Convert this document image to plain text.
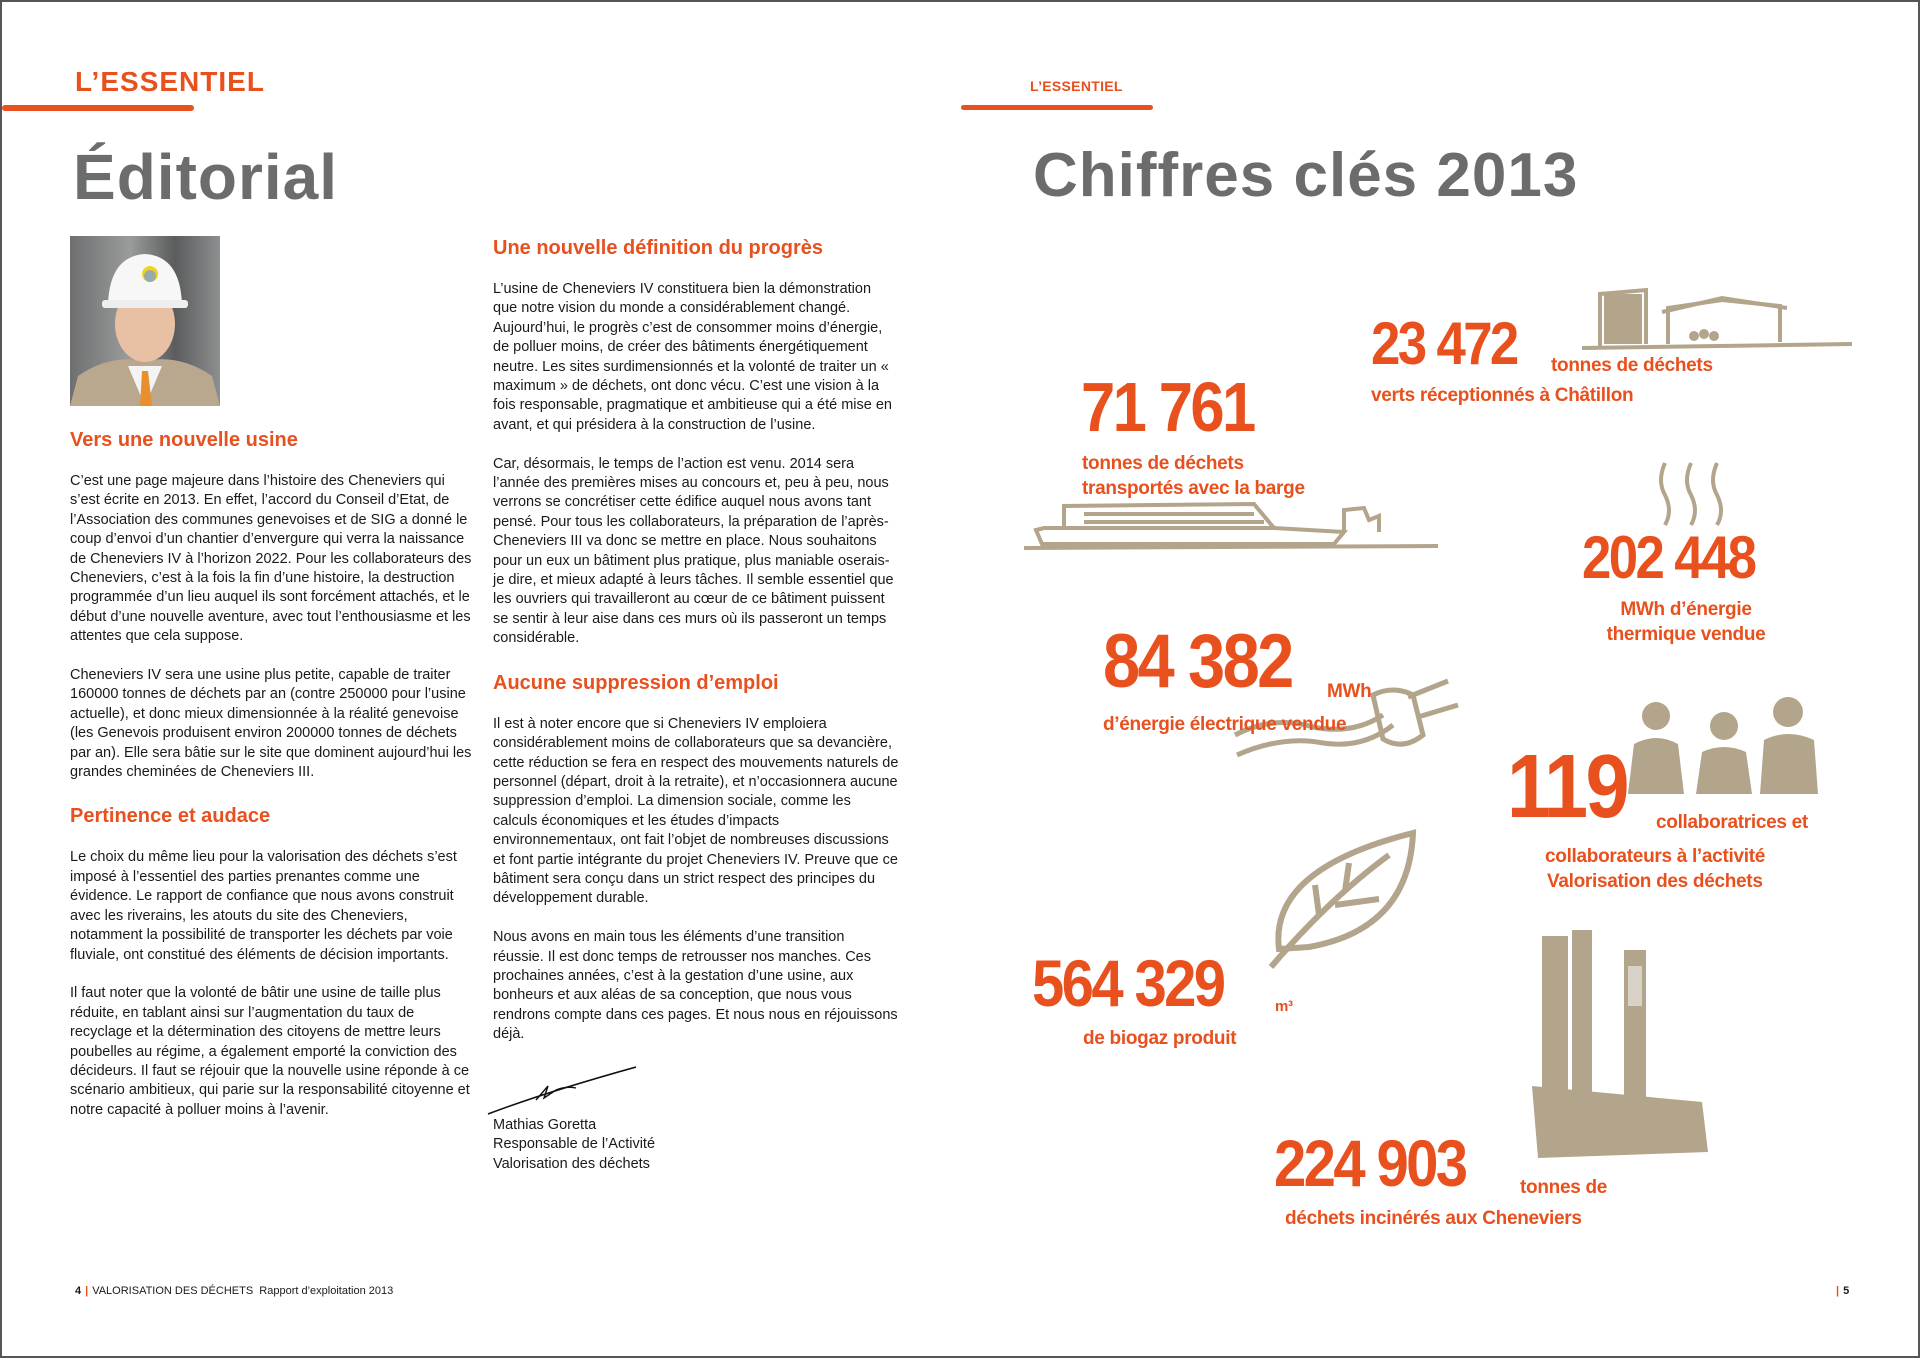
L’ESSENTIEL
Éditorial
Vers une nouvelle usine

C’est une page majeure dans l’histoire des Cheneviers qui s’est écrite en 2013. En effet, l’accord du Conseil d’Etat, de l’Association des communes genevoises et de SIG a donné le coup d’envoi d’un chantier d’envergure qui verra la naissance de Cheneviers IV à l’horizon 2022. Pour les collaborateurs des Cheneviers, c’est à la fois la fin d’une histoire, la destruction programmée d’un lieu auquel ils sont forcément attachés, et le début d’une nouvelle aventure, avec tout l’enthousiasme et les attentes que cela suppose.

Cheneviers IV sera une usine plus petite, capable de traiter 160000 tonnes de déchets par an (contre 250000 pour l’usine actuelle), et donc mieux dimensionnée à la réalité genevoise (les Genevois produisent environ 200000 tonnes de déchets par an). Elle sera bâtie sur le site que dominent aujourd’hui les grandes cheminées de Cheneviers III.

Pertinence et audace

Le choix du même lieu pour la valorisation des déchets s’est imposé à l’essentiel des parties prenantes comme une évidence. Le rapport de confiance que nous avons construit avec les riverains, les atouts du site des Cheneviers, notamment la possibilité de transporter les déchets par voie fluviale, ont constitué des éléments de décision importants.

Il faut noter que la volonté de bâtir une usine de taille plus réduite, en tablant ainsi sur l’augmentation du taux de recyclage et la détermination des citoyens de mettre leurs poubelles au régime, a également emporté la conviction des décideurs. Il faut se réjouir que la nouvelle usine réponde à ce scénario ambitieux, qui parie sur la responsabilité citoyenne et notre capacité à polluer moins à l’avenir.

Une nouvelle définition du progrès

L’usine de Cheneviers IV constituera bien la démonstration que notre vision du monde a considérablement changé. Aujourd’hui, le progrès c’est de consommer moins d’énergie, de polluer moins, de créer des bâtiments énergétiquement neutre. Les sites surdimensionnés et la volonté de traiter un « maximum » de déchets, ont donc vécu. C’est une vision à la fois responsable, pragmatique et ambitieuse qui a été mise en avant, et qui présidera à la construction de l’usine.

Car, désormais, le temps de l’action est venu. 2014 sera l’année des premières mises au concours et, peu à peu, nous verrons se concrétiser cette édifice auquel nous avons tant pensé. Pour tous les collaborateurs, la préparation de l’après-Cheneviers III va donc se mettre en place. Nous souhaitons pour un eux un bâtiment plus pratique, plus maniable oserais-je dire, et mieux adapté à leurs tâches. Il semble essentiel que les ouvriers qui travailleront au cœur de ce bâtiment puissent se sentir à leur aise dans ces murs où ils passeront un temps considérable.

Aucune suppression d’emploi

Il est à noter encore que si Cheneviers IV emploiera considérablement moins de collaborateurs que sa devancière, cette réduction se fera en respect des mouvements naturels de personnel (départ, droit à la retraite), et n’occasionnera aucune suppression d’emploi. La dimension sociale, comme les calculs économiques et les études d’impacts environnementaux, ont fait l’objet de nombreuses discussions et font partie intégrante du projet Cheneviers IV. Preuve que ce bâtiment sera conçu dans un strict respect des principes du développement durable.

Nous avons en main tous les éléments d’une transition réussie. Il est donc temps de retrousser nos manches. Ces prochaines années, c’est à la gestation d’une usine, aux bonheurs et aux aléas de sa conception, que nous vous rendrons compte dans ces pages. Et nous nous en réjouissons déjà.

Mathias Goretta
Responsable de l’Activité
Valorisation des déchets
4 | VALORISATION DES DÉCHETS Rapport d’exploitation 2013
L’ESSENTIEL
Chiffres clés 2013
23 472 tonnes de déchets
verts réceptionnés à Châtillon
71 761
tonnes de déchets
transportés avec la barge
202 448
MWh d’énergie
thermique vendue
84 382 MWh
d’énergie électrique vendue
119 collaboratrices et
collaborateurs à l’activité
Valorisation des déchets
564 329	m³
de biogaz produit
224 903	tonnes de
déchets incinérés aux Cheneviers
| 5
